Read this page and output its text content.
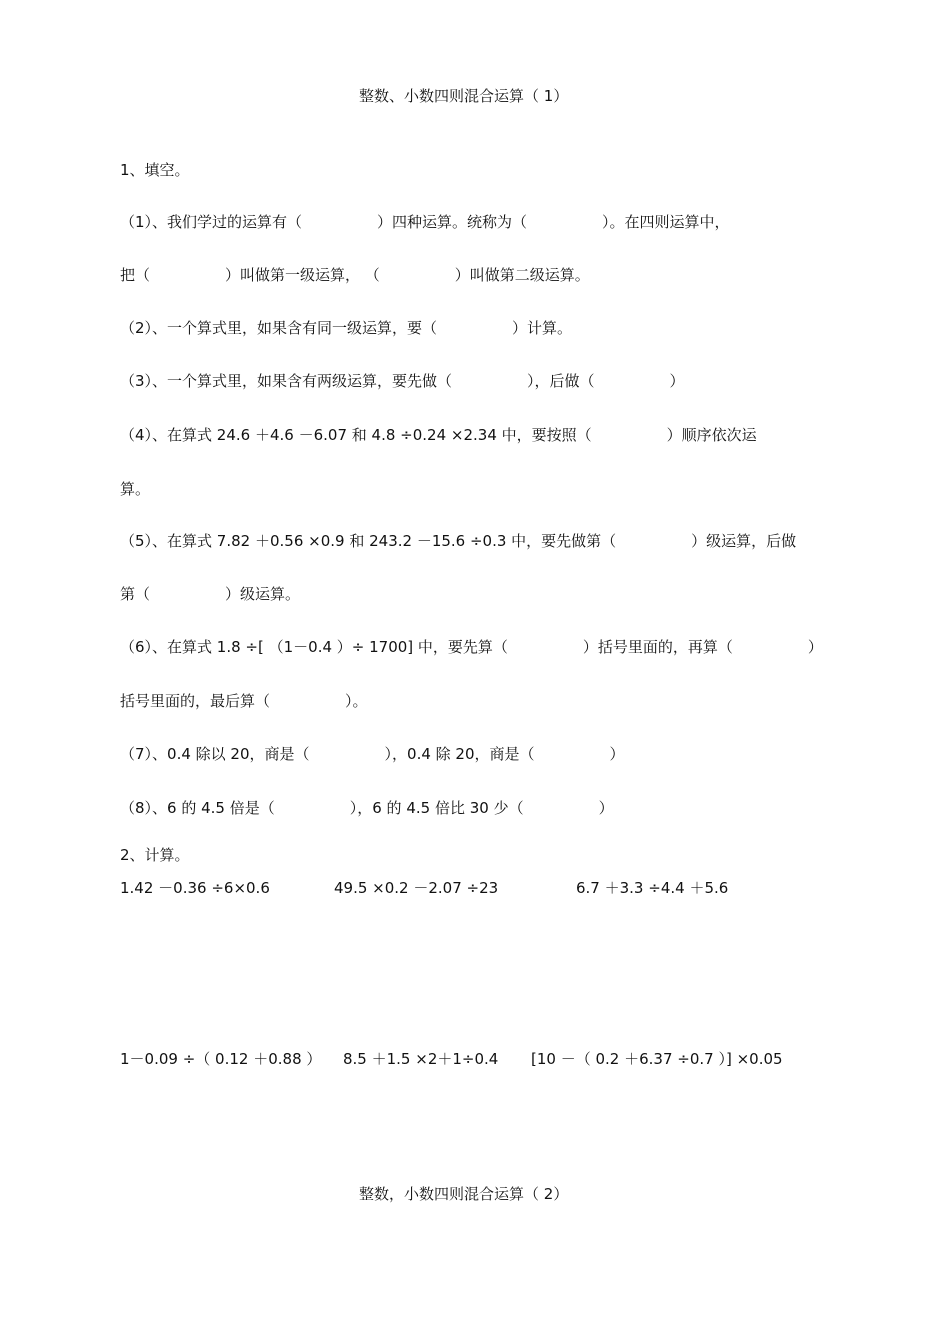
整数、小数四则混合运算（ 1）
1、填空。
（1）、我们学过的运算有（　　　　　）四种运算。统称为（　　　　　）。在四则运算中，
把（　　　　　）叫做第一级运算， （　　　　　）叫做第二级运算。
（2）、一个算式里，如果含有同一级运算，要（　　　　　）计算。
（3）、一个算式里，如果含有两级运算，要先做（　　　　　），后做（　　　　　）
（4）、在算式 24.6 ＋4.6 －6.07 和 4.8 ÷0.24 ×2.34 中，要按照（　　　　　）顺序依次运
算。
（5）、在算式 7.82 ＋0.56 ×0.9 和 243.2 －15.6 ÷0.3 中，要先做第（　　　　　）级运算，后做
第（　　　　　）级运算。
（6）、在算式 1.8 ÷[ （1－0.4 ）÷ 1700] 中，要先算（　　　　　）括号里面的，再算（　　　　　）
括号里面的，最后算（　　　　　）。
（7）、0.4 除以 20，商是（　　　　　），0.4 除 20，商是（　　　　　）
（8）、6 的 4.5 倍是（　　　　　），6 的 4.5 倍比 30 少（　　　　　）
2、计算。
1.42 －0.36 ÷6×0.6	49.5 ×0.2 －2.07 ÷23	6.7 ＋3.3 ÷4.4 ＋5.6
1－0.09 ÷（ 0.12 ＋0.88 ） 8.5 ＋1.5 ×2＋1÷0.4 [10 －（ 0.2 ＋6.37 ÷0.7 ）] ×0.05
整数，小数四则混合运算（ 2）
